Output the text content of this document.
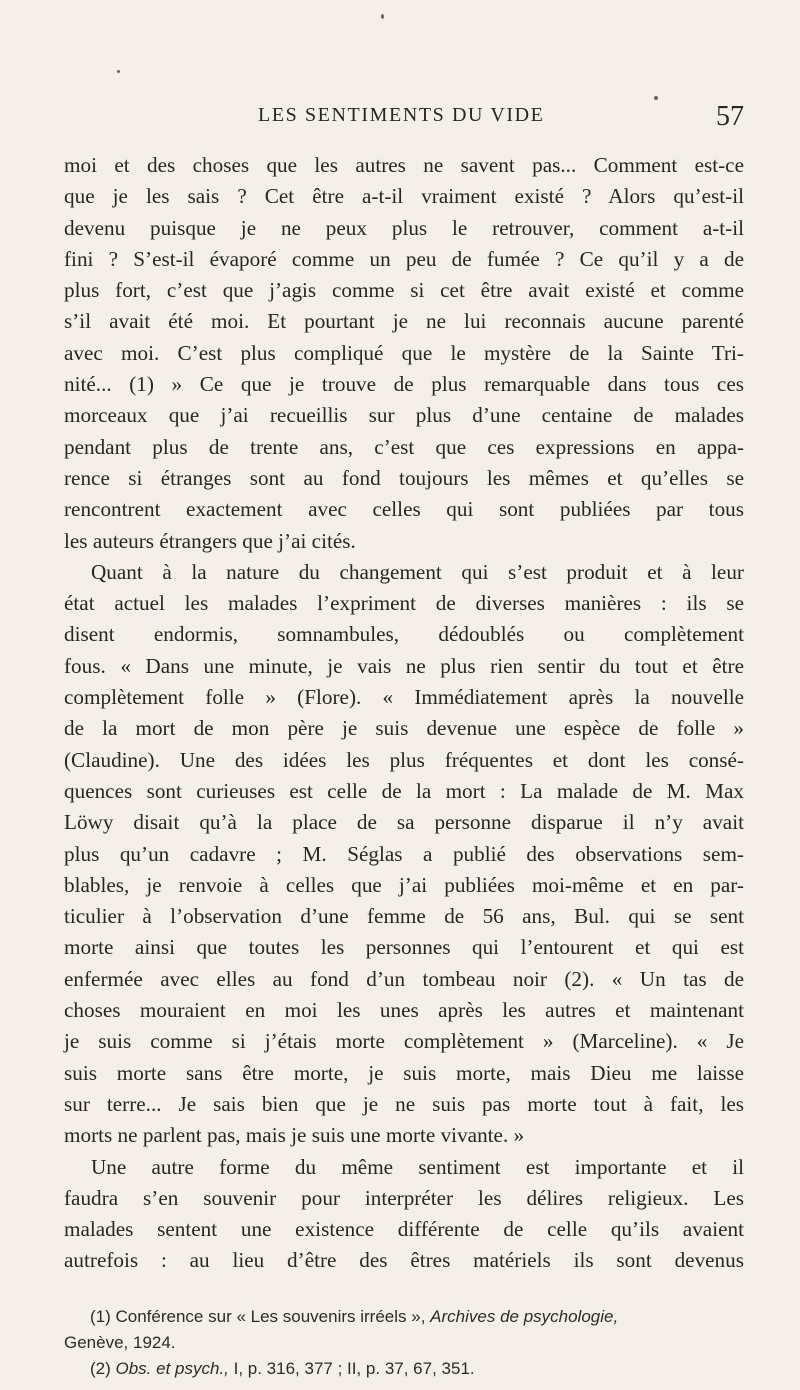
LES SENTIMENTS DU VIDE	57
moi et des choses que les autres ne savent pas... Comment est-ce
que je les sais ? Cet être a-t-il vraiment existé ? Alors qu’est-il
devenu puisque je ne peux plus le retrouver, comment a-t-il
fini ? S’est-il évaporé comme un peu de fumée ? Ce qu’il y a de
plus fort, c’est que j’agis comme si cet être avait existé et comme
s’il avait été moi. Et pourtant je ne lui reconnais aucune parenté
avec moi. C’est plus compliqué que le mystère de la Sainte Tri-
nité... (1) » Ce que je trouve de plus remarquable dans tous ces
morceaux que j’ai recueillis sur plus d’une centaine de malades
pendant plus de trente ans, c’est que ces expressions en appa-
rence si étranges sont au fond toujours les mêmes et qu’elles se
rencontrent exactement avec celles qui sont publiées par tous
les auteurs étrangers que j’ai cités.
Quant à la nature du changement qui s’est produit et à leur
état actuel les malades l’expriment de diverses manières : ils se
disent endormis, somnambules, dédoublés ou complètement
fous. « Dans une minute, je vais ne plus rien sentir du tout et être
complètement folle » (Flore). « Immédiatement après la nouvelle
de la mort de mon père je suis devenue une espèce de folle »
(Claudine). Une des idées les plus fréquentes et dont les consé-
quences sont curieuses est celle de la mort : La malade de M. Max
Löwy disait qu’à la place de sa personne disparue il n’y avait
plus qu’un cadavre ; M. Séglas a publié des observations sem-
blables, je renvoie à celles que j’ai publiées moi-même et en par-
ticulier à l’observation d’une femme de 56 ans, Bul. qui se sent
morte ainsi que toutes les personnes qui l’entourent et qui est
enfermée avec elles au fond d’un tombeau noir (2). « Un tas de
choses mouraient en moi les unes après les autres et maintenant
je suis comme si j’étais morte complètement » (Marceline). « Je
suis morte sans être morte, je suis morte, mais Dieu me laisse
sur terre... Je sais bien que je ne suis pas morte tout à fait, les
morts ne parlent pas, mais je suis une morte vivante. »
Une autre forme du même sentiment est importante et il
faudra s’en souvenir pour interpréter les délires religieux. Les
malades sentent une existence différente de celle qu’ils avaient
autrefois : au lieu d’être des êtres matériels ils sont devenus
(1) Conférence sur « Les souvenirs irréels », Archives de psychologie,
Genève, 1924.
(2) Obs. et psych., I, p. 316, 377 ; II, p. 37, 67, 351.
